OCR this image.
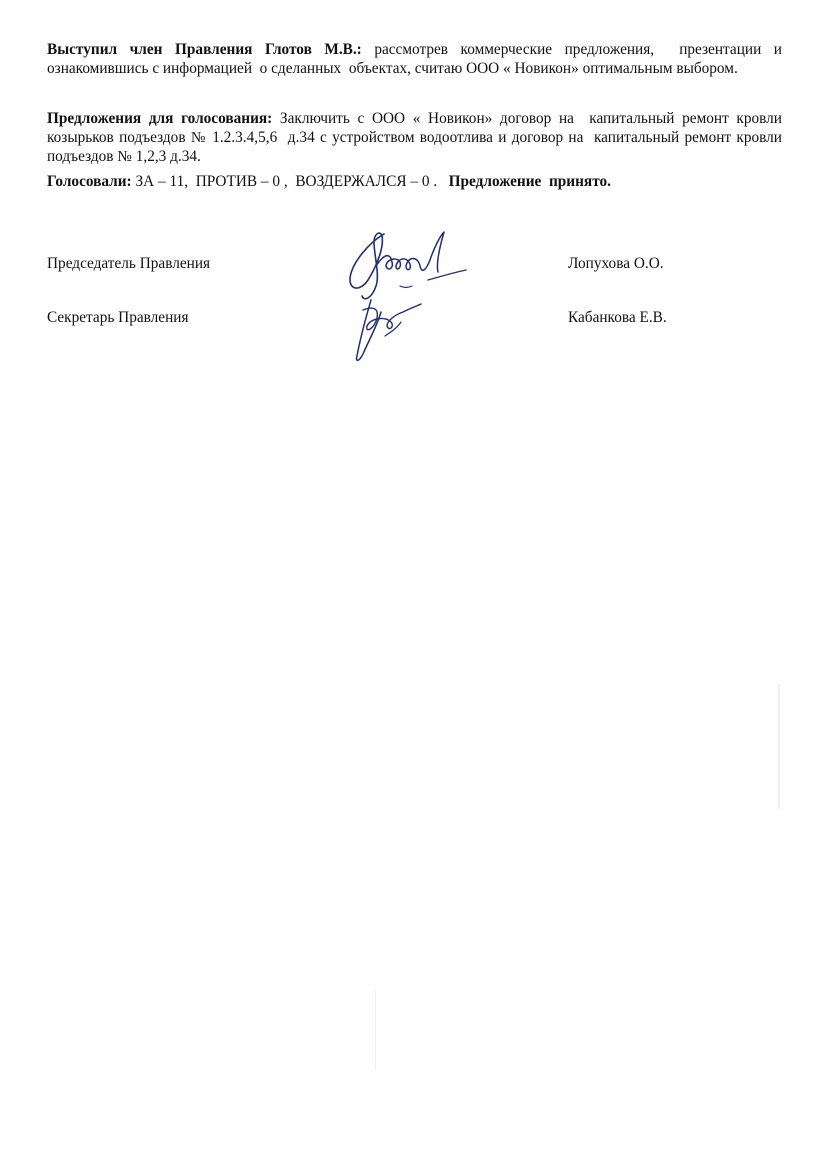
Выступил член Правления Глотов М.В.: рассмотрев коммерческие предложения,  презентации и ознакомившись с информацией  о сделанных  объектах, считаю ООО « Новикон» оптимальным выбором.

Предложения для голосования: Заключить с ООО « Новикон» договор на  капитальный ремонт кровли козырьков подъездов № 1.2.3.4,5,6  д.34 с устройством водоотлива и договор на  капитальный ремонт кровли подъездов № 1,2,3 д.34.

Голосовали: ЗА – 11,  ПРОТИВ – 0 ,  ВОЗДЕРЖАЛСЯ – 0 .   Предложение  принято.

Председатель Правления	Лопухова О.О.
Секретарь Правления	Кабанкова Е.В.
